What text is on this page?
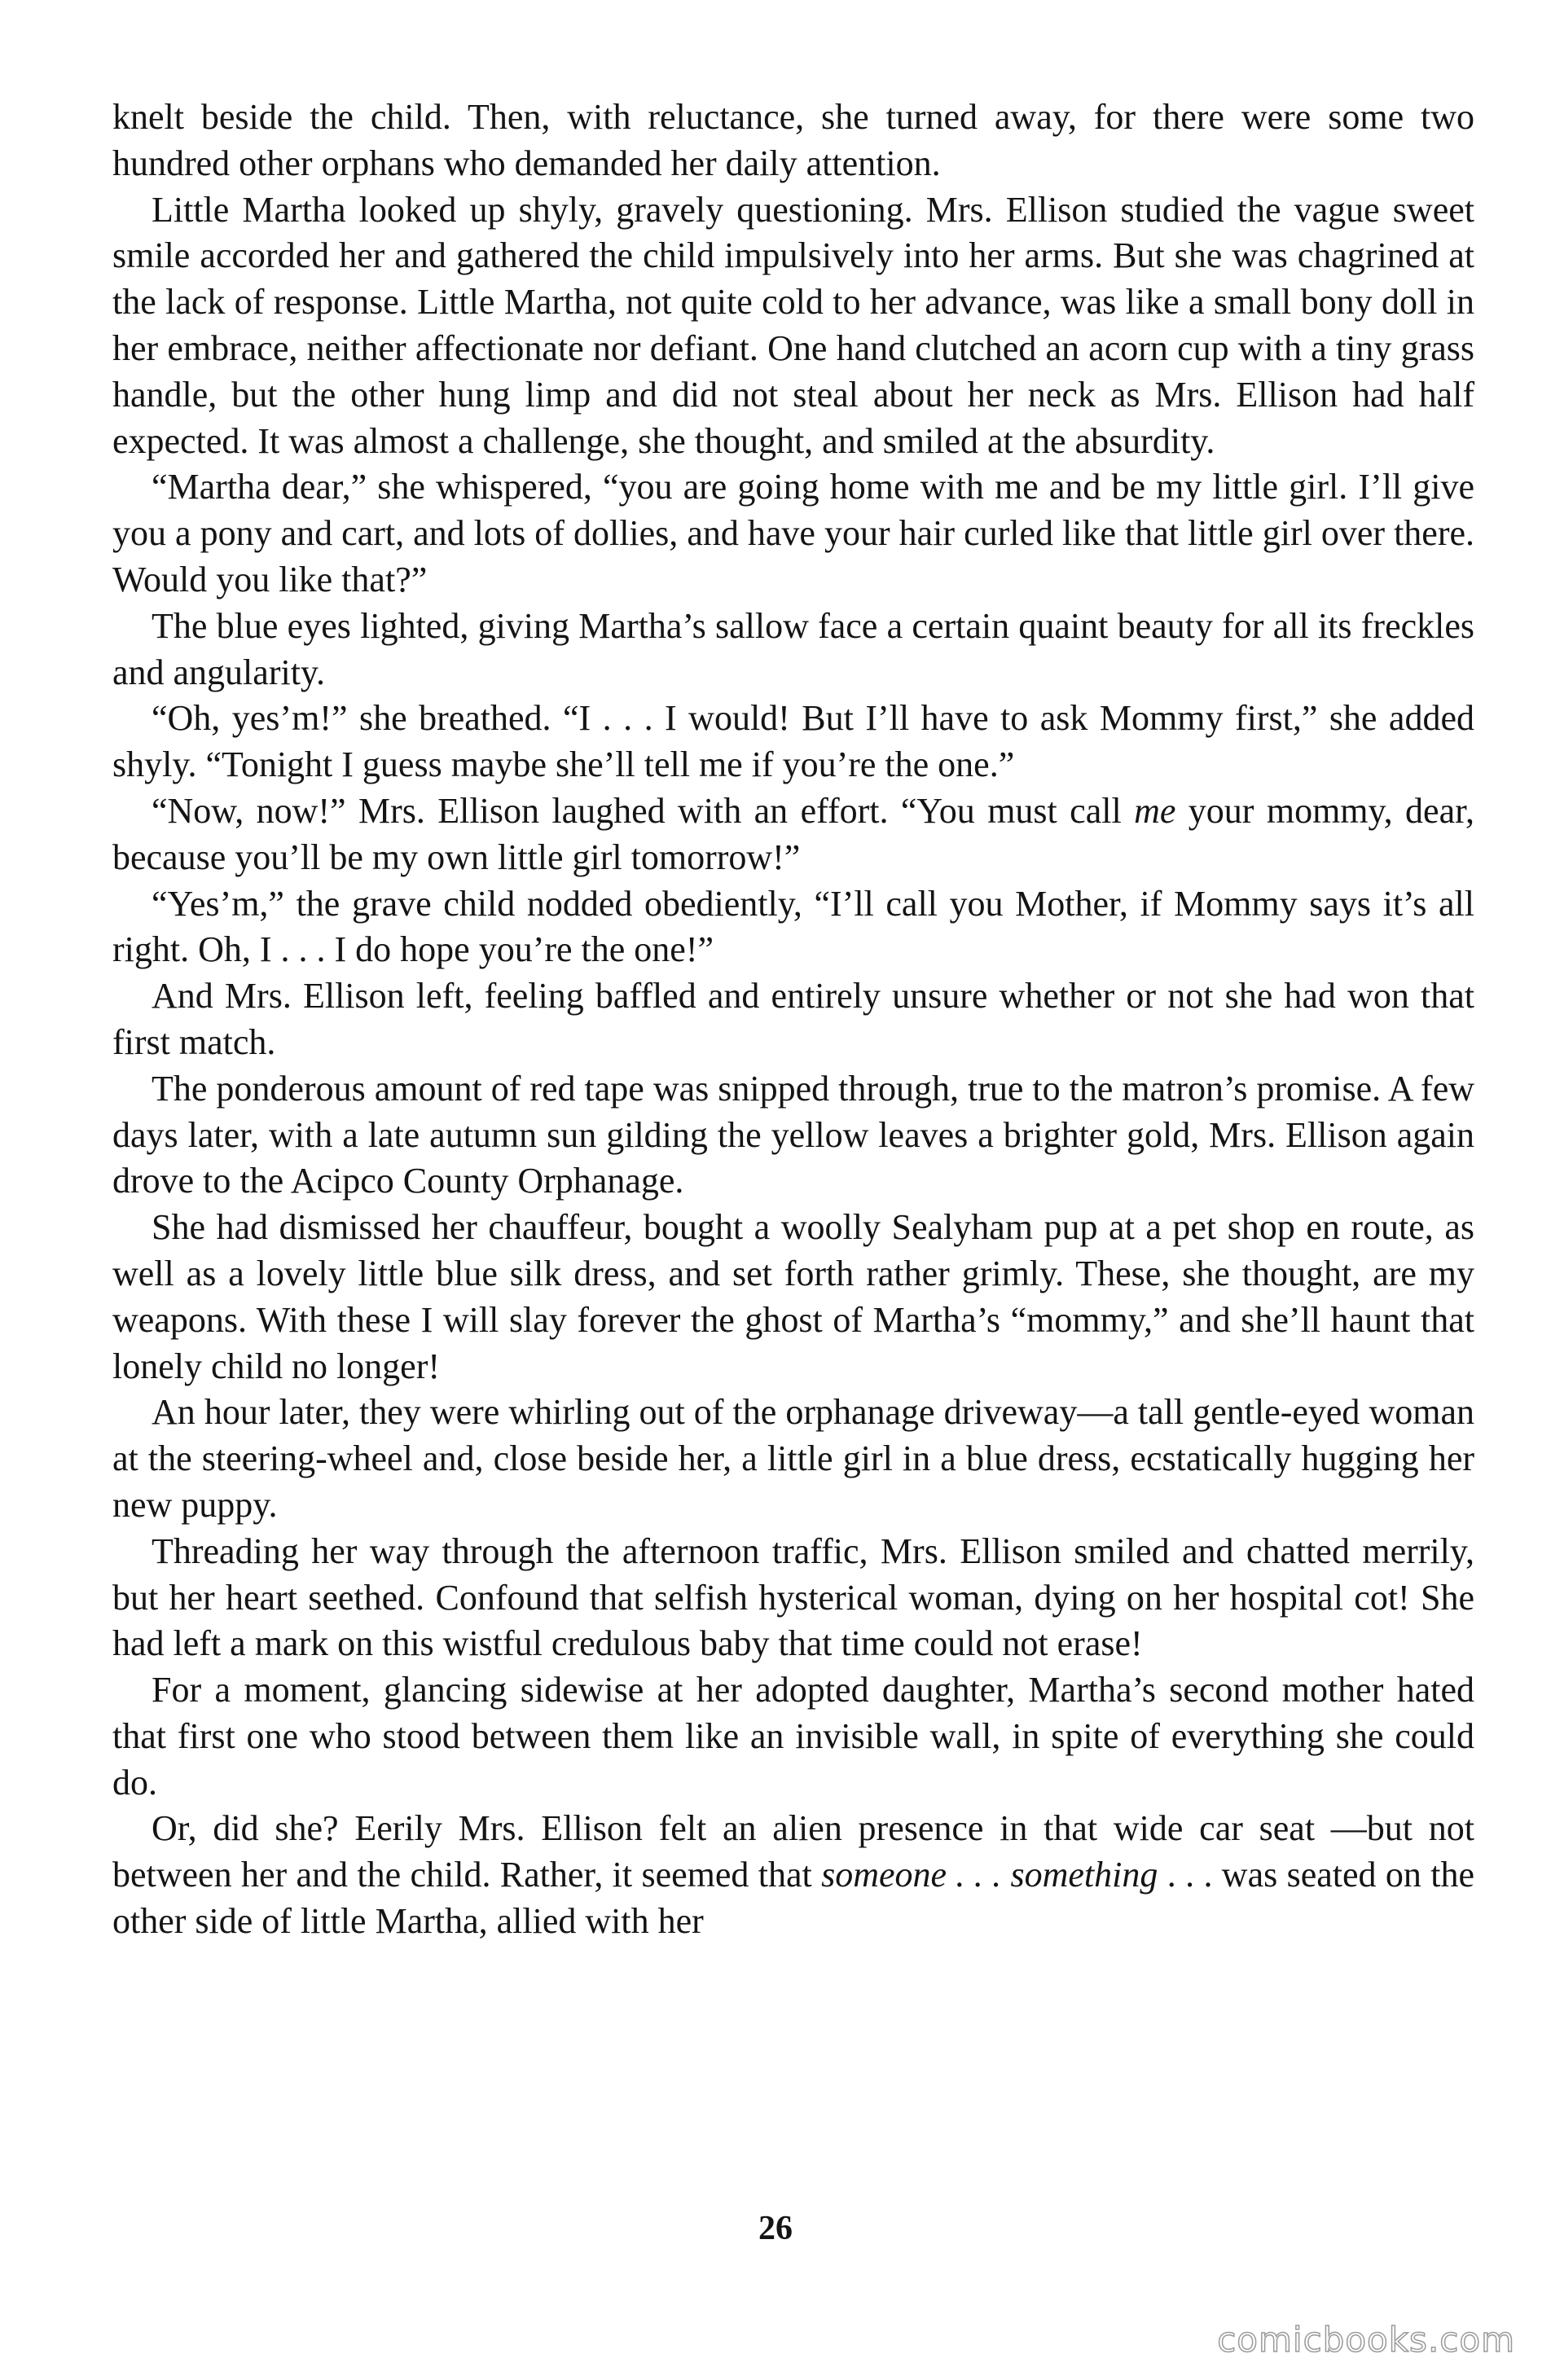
knelt beside the child. Then, with reluctance, she turned away, for there were some two hundred other orphans who demanded her daily attention.

Little Martha looked up shyly, gravely questioning. Mrs. Ellison studied the vague sweet smile accorded her and gathered the child impulsively into her arms. But she was chagrined at the lack of response. Little Martha, not quite cold to her advance, was like a small bony doll in her embrace, neither affectionate nor defiant. One hand clutched an acorn cup with a tiny grass handle, but the other hung limp and did not steal about her neck as Mrs. Ellison had half expected. It was almost a challenge, she thought, and smiled at the absurdity.

“Martha dear,” she whispered, “you are going home with me and be my little girl. I’ll give you a pony and cart, and lots of dollies, and have your hair curled like that little girl over there. Would you like that?”

The blue eyes lighted, giving Martha’s sallow face a certain quaint beauty for all its freckles and angularity.

“Oh, yes’m!” she breathed. “I . . . I would! But I’ll have to ask Mommy first,” she added shyly. “Tonight I guess maybe she’ll tell me if you’re the one.”

“Now, now!” Mrs. Ellison laughed with an effort. “You must call me your mommy, dear, because you’ll be my own little girl tomorrow!”

“Yes’m,” the grave child nodded obediently, “I’ll call you Mother, if Mommy says it’s all right. Oh, I . . . I do hope you’re the one!”

And Mrs. Ellison left, feeling baffled and entirely unsure whether or not she had won that first match.

The ponderous amount of red tape was snipped through, true to the matron’s promise. A few days later, with a late autumn sun gilding the yellow leaves a brighter gold, Mrs. Ellison again drove to the Acipco County Orphanage.

She had dismissed her chauffeur, bought a woolly Sealyham pup at a pet shop en route, as well as a lovely little blue silk dress, and set forth rather grimly. These, she thought, are my weapons. With these I will slay forever the ghost of Martha’s “mommy,” and she’ll haunt that lonely child no longer!

An hour later, they were whirling out of the orphanage driveway—a tall gentle-eyed woman at the steering-wheel and, close beside her, a little girl in a blue dress, ecstatically hugging her new puppy.

Threading her way through the afternoon traffic, Mrs. Ellison smiled and chatted merrily, but her heart seethed. Confound that selfish hysterical woman, dying on her hospital cot! She had left a mark on this wistful credulous baby that time could not erase!

For a moment, glancing sidewise at her adopted daughter, Martha’s second mother hated that first one who stood between them like an invisible wall, in spite of everything she could do.

Or, did she? Eerily Mrs. Ellison felt an alien presence in that wide car seat —but not between her and the child. Rather, it seemed that someone . . . something . . . was seated on the other side of little Martha, allied with her

26
comicbooks.com
